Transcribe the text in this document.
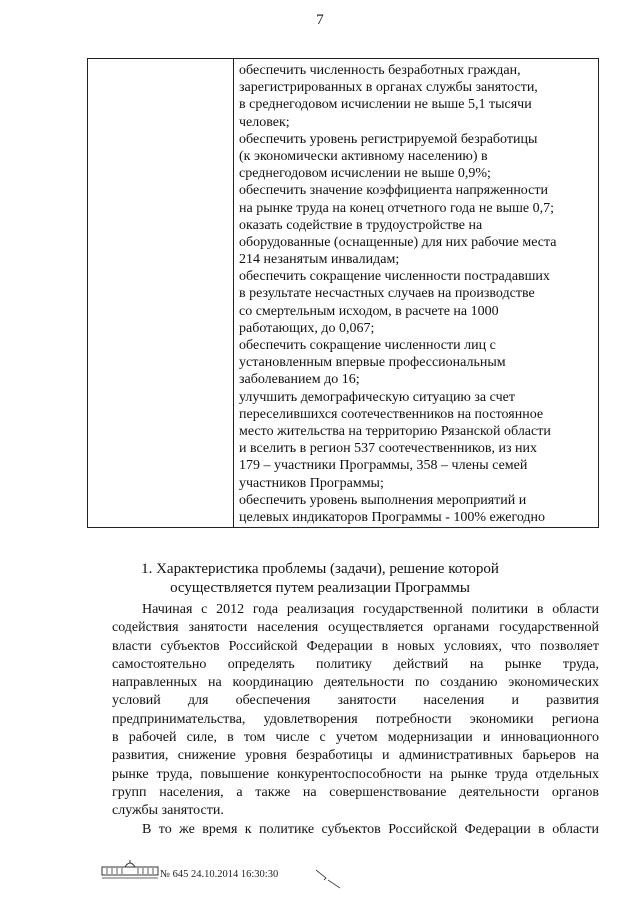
7

обеспечить численность безработных граждан,
зарегистрированных в органах службы занятости,
в среднегодовом исчислении не выше 5,1 тысячи
человек;
обеспечить уровень регистрируемой безработицы
(к экономически активному населению) в
среднегодовом исчислении не выше 0,9%;
обеспечить значение коэффициента напряженности
на рынке труда на конец отчетного года не выше 0,7;
оказать содействие в трудоустройстве на
оборудованные (оснащенные) для них рабочие места
214 незанятым инвалидам;
обеспечить сокращение численности пострадавших
в результате несчастных случаев на производстве
со смертельным исходом, в расчете на 1000
работающих, до 0,067;
обеспечить сокращение численности лиц с
установленным впервые профессиональным
заболеванием до 16;
улучшить демографическую ситуацию за счет
переселившихся соотечественников на постоянное
место жительства на территорию Рязанской области
и вселить в регион 537 соотечественников, из них
179 – участники Программы, 358 – члены семей
участников Программы;
обеспечить уровень выполнения мероприятий и
целевых индикаторов Программы - 100% ежегодно
1. Характеристика проблемы (задачи), решение которой
осуществляется путем реализации Программы
Начиная с 2012 года реализация государственной политики в области
содействия занятости населения осуществляется органами государственной
власти субъектов Российской Федерации в новых условиях, что позволяет
самостоятельно определять политику действий на рынке труда,
направленных на координацию деятельности по созданию экономических
условий для обеспечения занятости населения и развития
предпринимательства, удовлетворения потребности экономики региона
в рабочей силе, в том числе с учетом модернизации и инновационного
развития, снижение уровня безработицы и административных барьеров на
рынке труда, повышение конкурентоспособности на рынке труда отдельных
групп населения, а также на совершенствование деятельности органов
службы занятости.
В то же время к политике субъектов Российской Федерации в области
№ 645 24.10.2014 16:30:30
